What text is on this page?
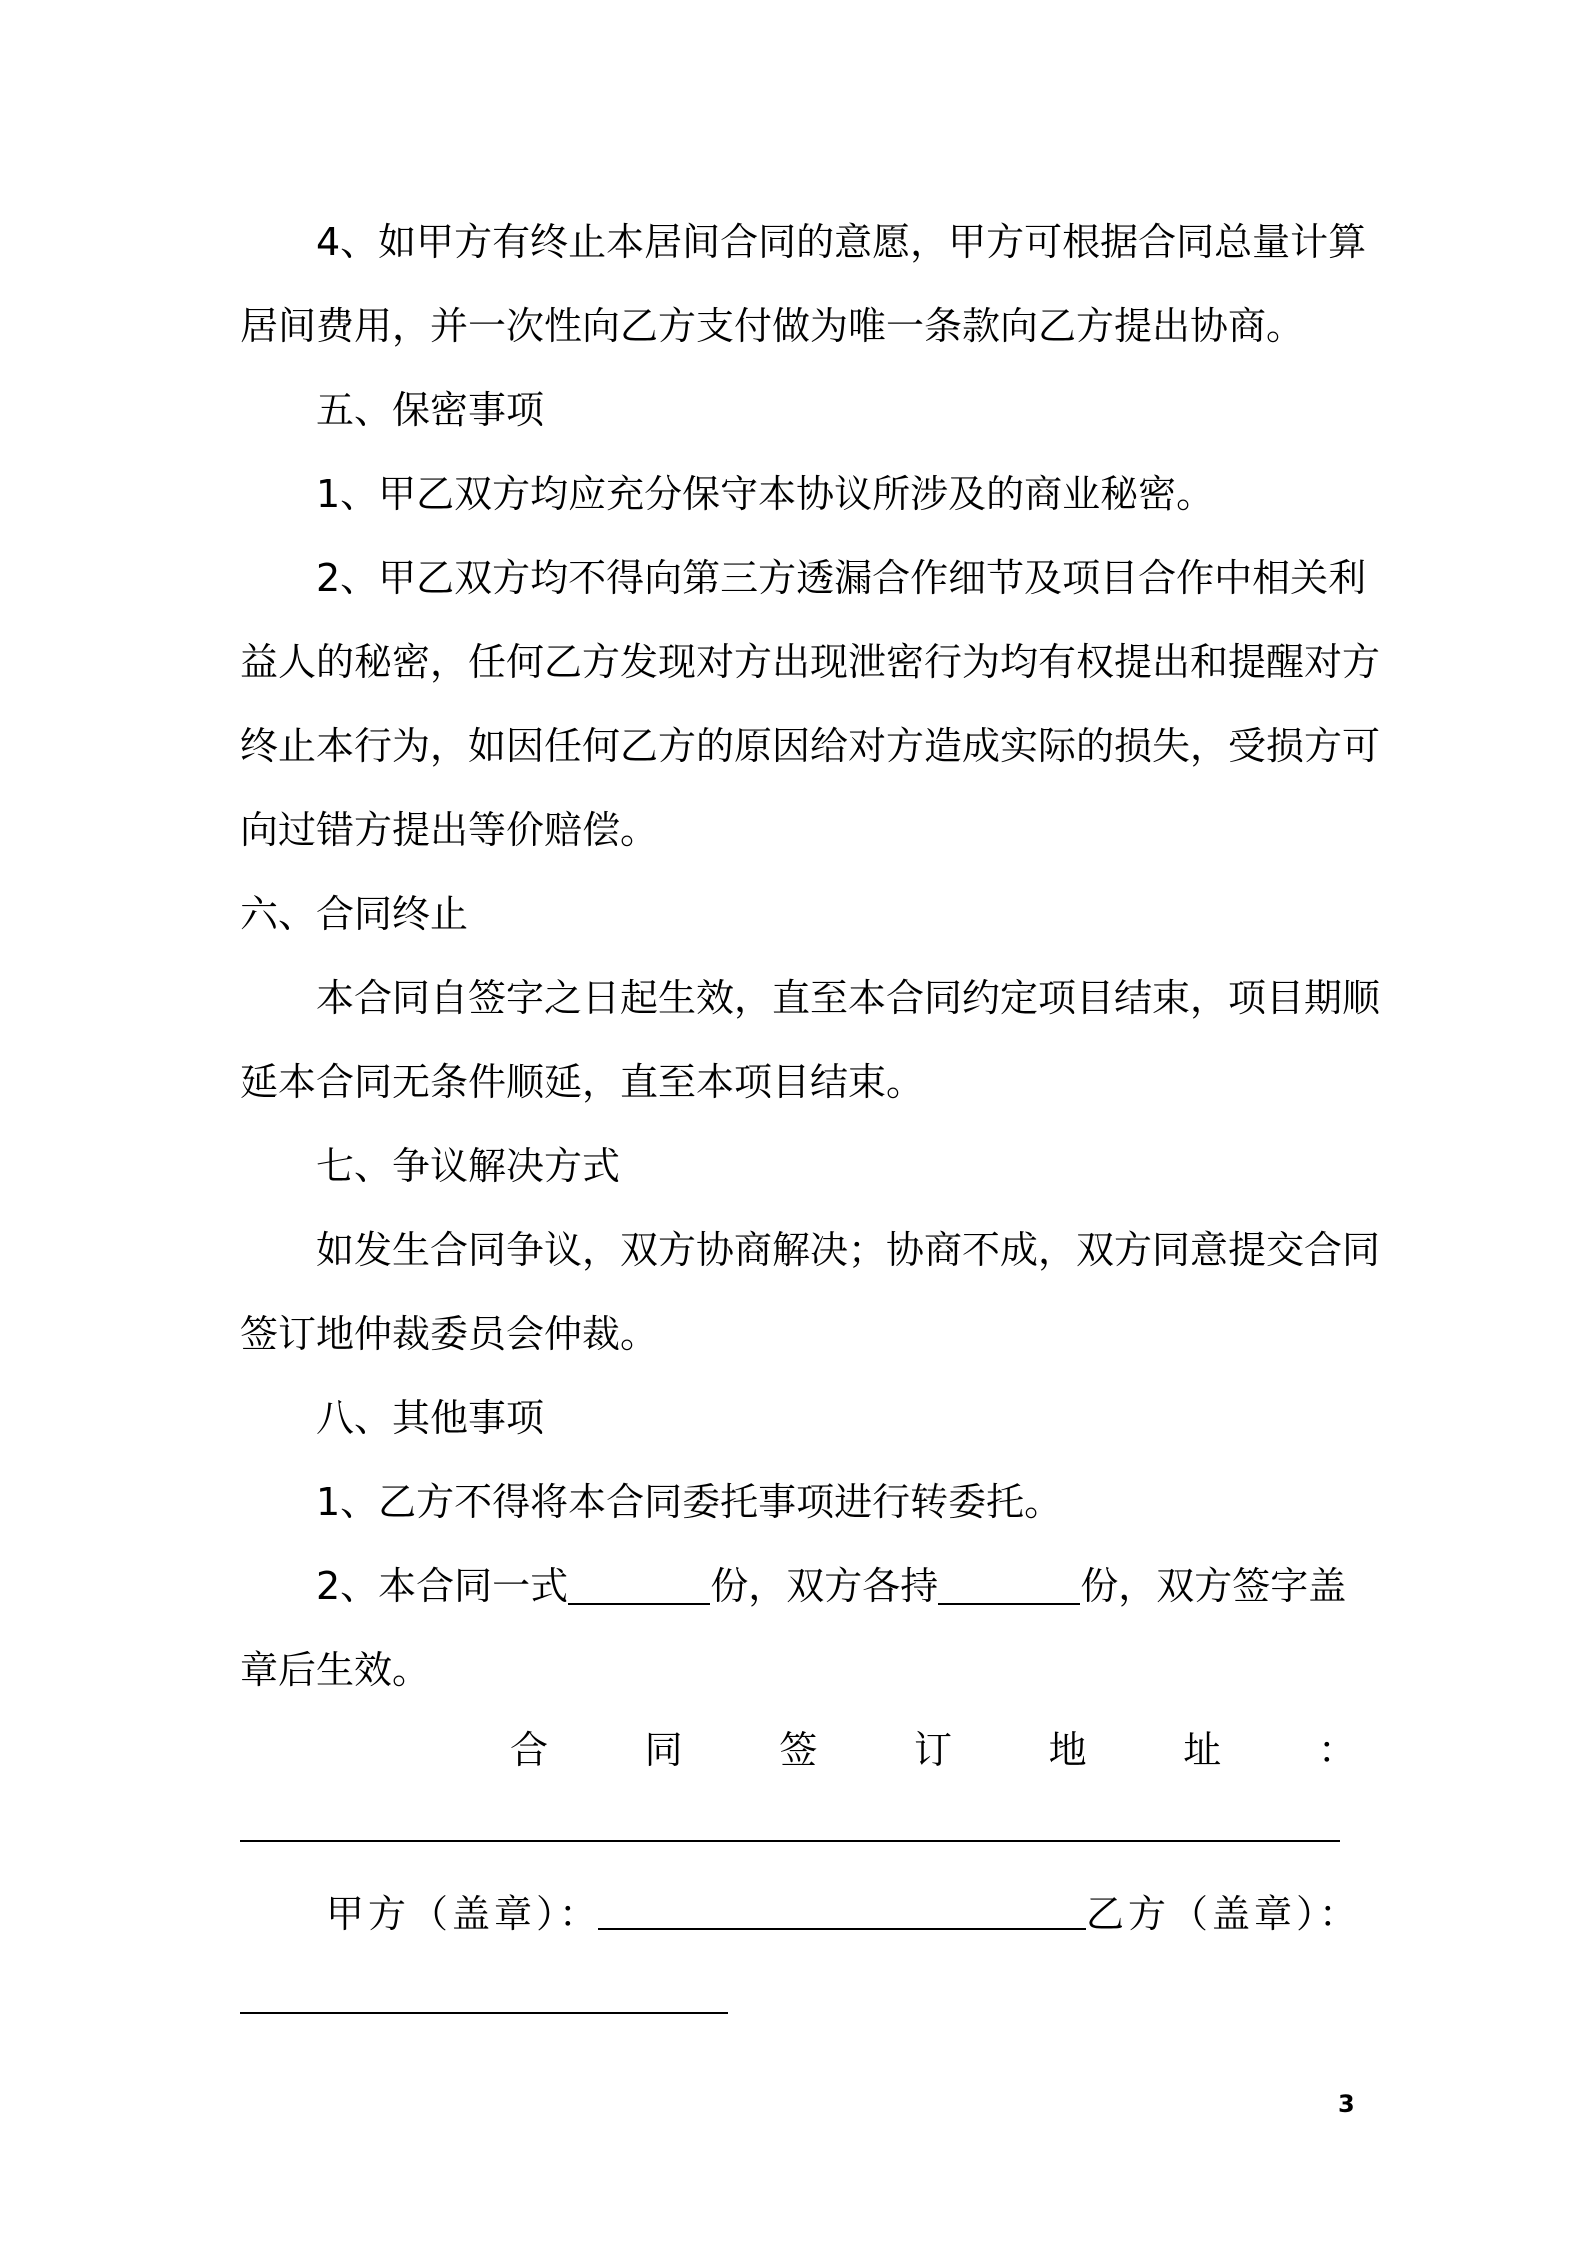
4、如甲方有终止本居间合同的意愿，甲方可根据合同总量计算
居间费用，并一次性向乙方支付做为唯一条款向乙方提出协商。
五、保密事项
1、甲乙双方均应充分保守本协议所涉及的商业秘密。
2、甲乙双方均不得向第三方透漏合作细节及项目合作中相关利
益人的秘密，任何乙方发现对方出现泄密行为均有权提出和提醒对方
终止本行为，如因任何乙方的原因给对方造成实际的损失，受损方可
向过错方提出等价赔偿。
六、合同终止
本合同自签字之日起生效，直至本合同约定项目结束，项目期顺
延本合同无条件顺延，直至本项目结束。
七、争议解决方式
如发生合同争议，双方协商解决；协商不成，双方同意提交合同
签订地仲裁委员会仲裁。
八、其他事项
1、乙方不得将本合同委托事项进行转委托。
2、本合同一式	份，双方各持	份，双方签字盖
章后生效。
合	同	签	订	地	址	：
甲方（盖章）：	乙方（盖章）：
3
